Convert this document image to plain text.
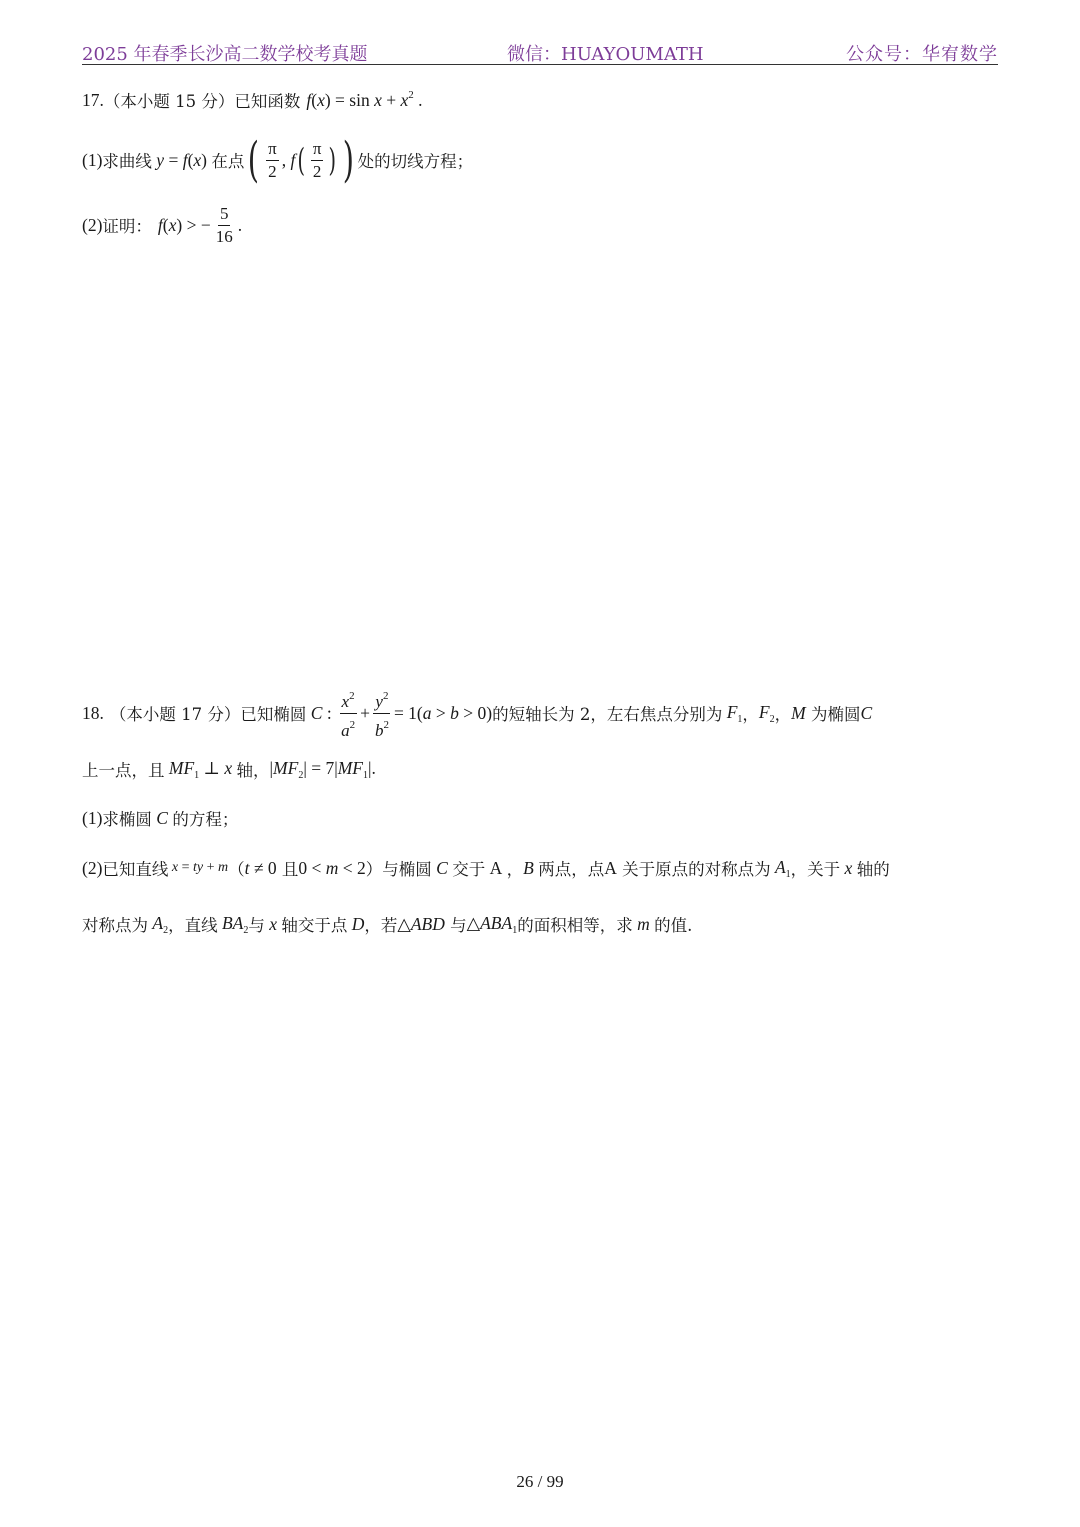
2025 年春季长沙高二数学校考真题	微信：HUAYOUMATH	公众号：华宥数学
17. （本小题 15 分）已知函数 $f(x) = \sin x + x^2$ .
(1) 求曲线 y = f(x) 在点 ( $\frac{\pi}{2}$ , f ( $\frac{\pi}{2}$ ) ) 处的切线方程；
(2) 证明： f(x) > − $\frac{5}{16}$ .
18. （本小题 17 分）已知椭圆 C : $\frac{x^2}{a^2} + \frac{y^2}{b^2} = 1(a > b > 0)$ 的短轴长为 2，左右焦点分别为 $F_1$ ， $F_2$ ， M 为椭圆 C
上一点，且 $MF_1$ ⊥ x 轴， $|MF_2| = 7|MF_1|$.
(1) 求椭圆 C 的方程；
(2) 已知直线 x = ty + m （ t ≠ 0 且 0 < m < 2 ）与椭圆 C 交于 A ， B 两点，点 A 关于原点的对称点为 $A_1$ ，关于 x 轴的
对称点为 $A_2$ ，直线 $BA_2$ 与 x 轴交于点 D ，若 △ABD 与 $\triangle ABA_1$ 的面积相等，求 m 的值.
26 / 99
